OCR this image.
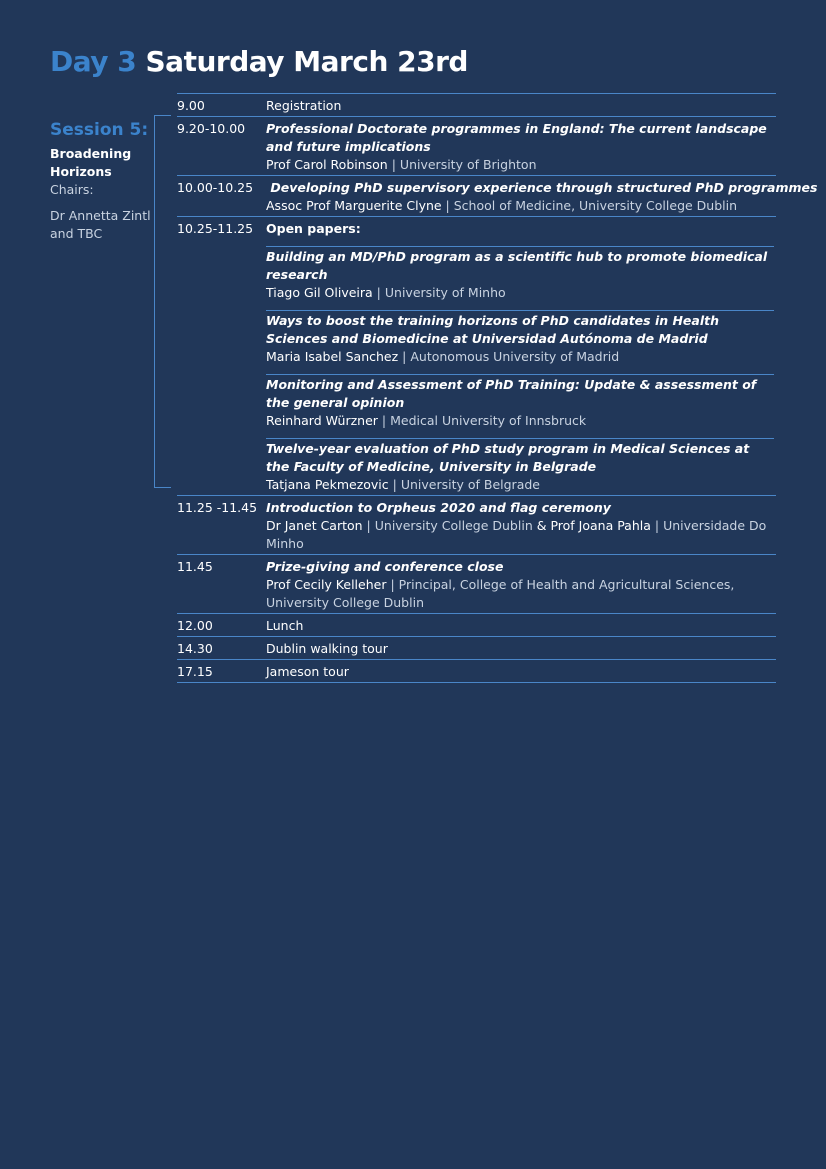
Day 3 Saturday March 23rd
Session 5:
Broadening Horizons
Chairs:
Dr Annetta Zintl and TBC
9.00	Registration
9.20-10.00	Professional Doctorate programmes in England: The current landscape and future implications
Prof Carol Robinson | University of Brighton
10.00-10.25	Developing PhD supervisory experience through structured PhD programmes
Assoc Prof Marguerite Clyne | School of Medicine, University College Dublin
10.25-11.25	Open papers:
Building an MD/PhD program as a scientific hub to promote biomedical research
Tiago Gil Oliveira | University of Minho
Ways to boost the training horizons of PhD candidates in Health Sciences and Biomedicine at Universidad Autónoma de Madrid
Maria Isabel Sanchez | Autonomous University of Madrid
Monitoring and Assessment of PhD Training: Update & assessment of the general opinion
Reinhard Würzner | Medical University of Innsbruck
Twelve-year evaluation of PhD study program in Medical Sciences at the Faculty of Medicine, University in Belgrade
Tatjana Pekmezovic | University of Belgrade
11.25 -11.45 Introduction to Orpheus 2020 and flag ceremony
Dr Janet Carton | University College Dublin & Prof Joana Pahla | Universidade Do Minho
11.45	Prize-giving and conference close
Prof Cecily Kelleher | Principal, College of Health and Agricultural Sciences, University College Dublin
12.00	Lunch
14.30	Dublin walking tour
17.15	Jameson tour
